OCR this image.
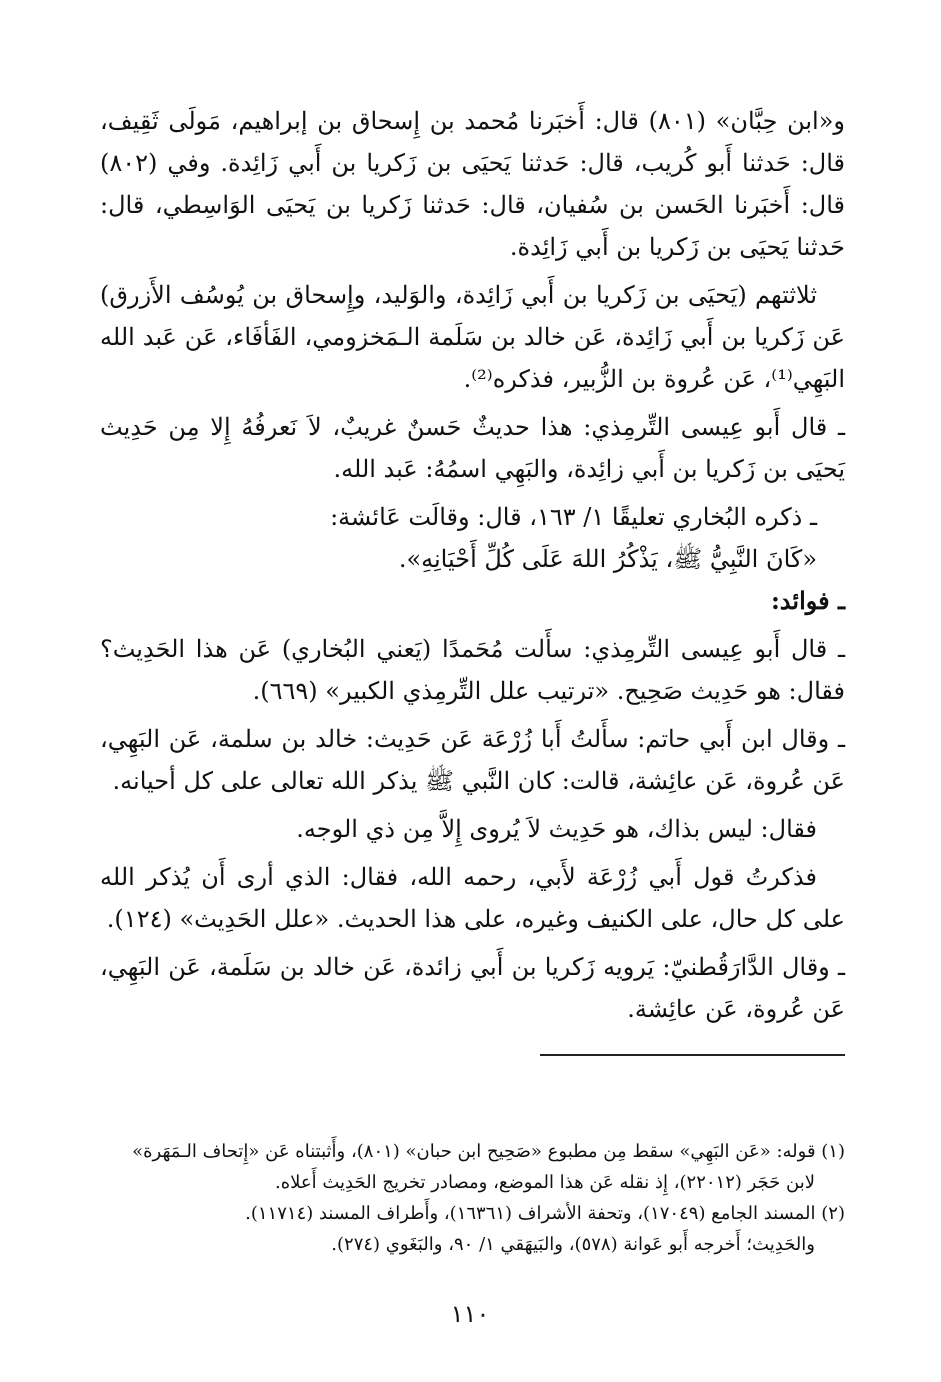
و«ابن حِبَّان» (٨٠١) قال: أَخبَرنا مُحمد بن إِسحاق بن إبراهيم، مَولَى ثَقِيف، قال: حَدثنا أَبو كُريب، قال: حَدثنا يَحيَى بن زَكريا بن أَبي زَائِدة. وفي (٨٠٢) قال: أَخبَرنا الحَسن بن سُفيان، قال: حَدثنا زَكريا بن يَحيَى الوَاسِطي، قال: حَدثنا يَحيَى بن زَكريا بن أَبي زَائِدة.

ثلاثتهم (يَحيَى بن زَكريا بن أَبي زَائِدة، والوَليد، وإِسحاق بن يُوسُف الأَزرق) عَن زَكريا بن أَبي زَائِدة، عَن خالد بن سَلَمة الـمَخزومي، الفَأفَاء، عَن عَبد الله البَهِي⁽¹⁾، عَن عُروة بن الزُّبير، فذكره⁽²⁾.

ـ قال أَبو عِيسى التِّرمِذي: هذا حديثٌ حَسنٌ غريبٌ، لاَ نَعرفُهُ إِلا مِن حَدِيث يَحيَى بن زَكريا بن أَبي زائِدة، والبَهِي اسمُهُ: عَبد الله.

ـ ذكره البُخاري تعليقًا ١/ ١٦٣، قال: وقالَت عَائشة:

«كَانَ النَّبِيُّ ﷺ، يَذْكُرُ اللهَ عَلَى كُلِّ أَحْيَانِهِ».

ـ فوائد:

ـ قال أَبو عِيسى التِّرمِذي: سأَلت مُحَمدًا (يَعني البُخاري) عَن هذا الحَدِيث؟ فقال: هو حَدِيث صَحِيح. «ترتيب علل التِّرمِذي الكبير» (٦٦٩).

ـ وقال ابن أَبي حاتم: سأَلتُ أَبا زُرْعَة عَن حَدِيث: خالد بن سلمة، عَن البَهِي، عَن عُروة، عَن عائِشة، قالت: كان النَّبي ﷺ يذكر الله تعالى على كل أحيانه.

فقال: ليس بذاك، هو حَدِيث لاَ يُروى إِلاَّ مِن ذي الوجه.

فذكرتُ قول أَبي زُرْعَة لأَبي، رحمه الله، فقال: الذي أرى أَن يُذكر الله على كل حال، على الكنيف وغيره، على هذا الحديث. «علل الحَدِيث» (١٢٤).

ـ وقال الدَّارَقُطنيّ: يَرويه زَكريا بن أَبي زائدة، عَن خالد بن سَلَمة، عَن البَهِي، عَن عُروة، عَن عائِشة.

(١) قوله: «عَن البَهِي» سقط مِن مطبوع «صَحِيح ابن حبان» (٨٠١)، وأَثبتناه عَن «إِتحاف الـمَهَرة»

لابن حَجَر (٢٢٠١٢)، إِذ نقله عَن هذا الموضع، ومصادر تخريج الحَدِيث أَعلاه.

(٢) المسند الجامع (١٧٠٤٩)، وتحفة الأشراف (١٦٣٦١)، وأَطراف المسند (١١٧١٤).

والحَدِيث؛ أَخرجه أَبو عَوانة (٥٧٨)، والبَيهَقي ١/ ٩٠، والبَغَوي (٢٧٤).

١١٠
